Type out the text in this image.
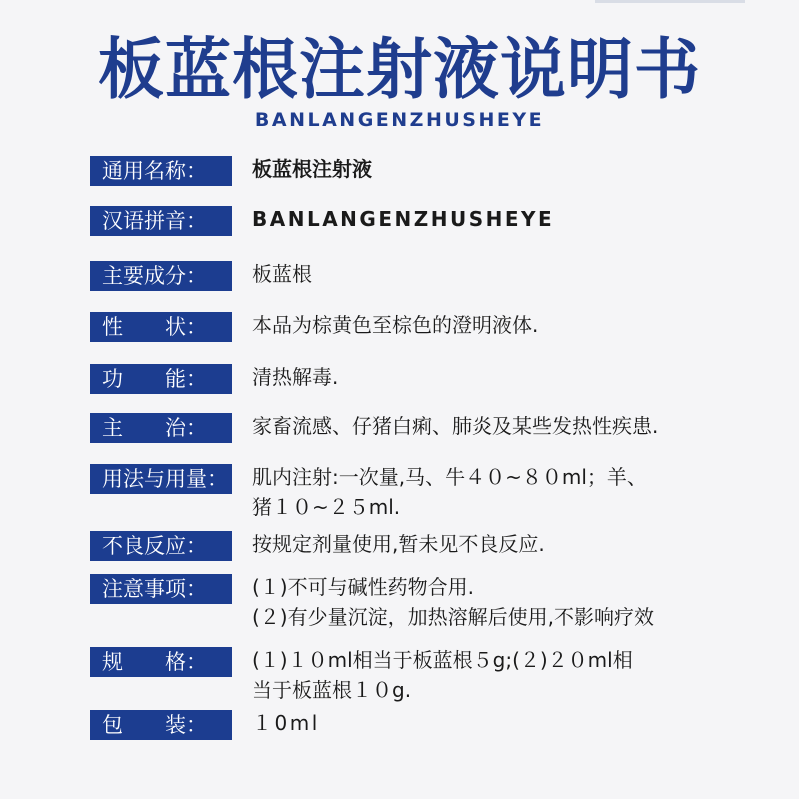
板蓝根注射液说明书
BANLANGENZHUSHEYE
通用名称：	板蓝根注射液
汉语拼音：	BANLANGENZHUSHEYE
主要成分：	板蓝根
性　　状：	本品为棕黄色至棕色的澄明液体.
功　　能：	清热解毒.
主　　治：	家畜流感、仔猪白痢、肺炎及某些发热性疾患.
用法与用量： 肌内注射:一次量,马、牛４０~８０ml；羊、
猪１０~２５ml.
不良反应：	按规定剂量使用,暂未见不良反应.
注意事项：	(１)不可与碱性药物合用.
(２)有少量沉淀，加热溶解后使用,不影响疗效
规　　格：	(１)１０ml相当于板蓝根５g;(２)２０ml相
当于板蓝根１０g.
包　　装：	１0ml
